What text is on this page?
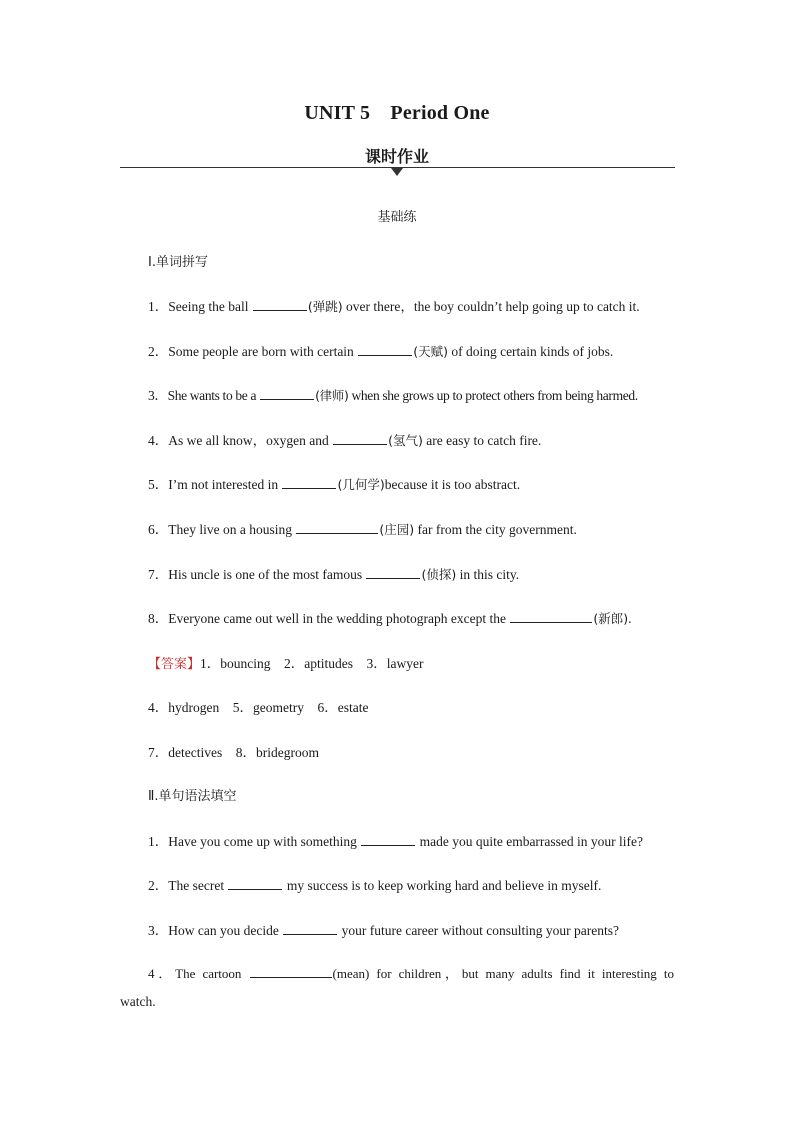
UNIT 5　Period One
课时作业
基础练
Ⅰ.单词拼写
1．Seeing the ball	(弹跳) over there，the boy couldn’t help going up to catch it.
2．Some people are born with certain	(天赋) of doing certain kinds of jobs.
3．She wants to be a	(律师) when she grows up to protect others from being harmed.
4．As we all know，oxygen and	(氢气) are easy to catch fire.
5．I’m not interested in	(几何学)because it is too abstract.
6．They live on a housing	(庄园) far from the city government.
7．His uncle is one of the most famous	(侦探) in this city.
8．Everyone came out well in the wedding photograph except the	(新郎).
【答案】1．bouncing　2．aptitudes　3．lawyer
4．hydrogen　5．geometry　6．estate
7．detectives　8．bridegroom
Ⅱ.单句语法填空
1．Have you come up with something	made you quite embarrassed in your life?
2．The secret	my success is to keep working hard and believe in myself.
3．How can you decide	your future career without consulting your parents?
4．The cartoon	(mean) for children，but many adults find it interesting to
watch.
